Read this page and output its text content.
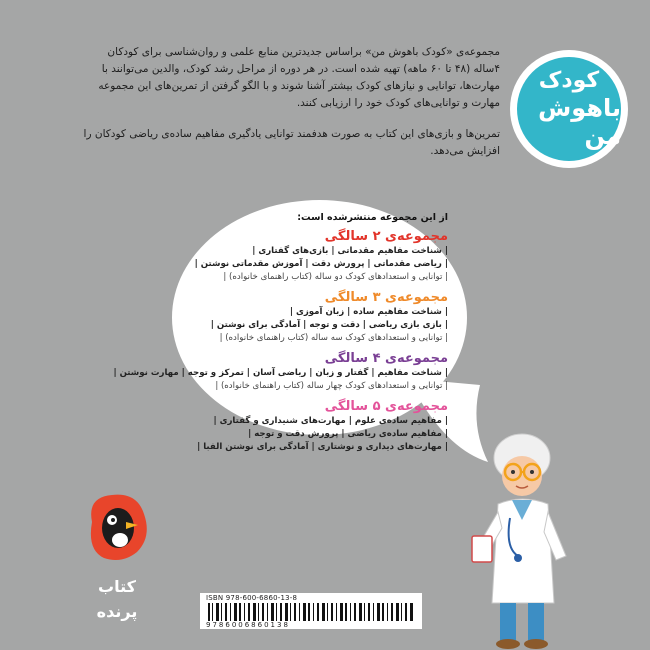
مجموعه‌ی «کودک باهوش من» براساس جدیدترین منابع علمی و روان‌شناسی برای کودکان ۴ساله (۴۸ تا ۶۰ ماهه) تهیه شده است. در هر دوره از مراحل رشد کودک، والدین می‌توانند با مهارت‌ها، توانایی و نیازهای کودک بیشتر آشنا شوند و با الگو گرفتن از تمرین‌های این مجموعه مهارت و توانایی‌های کودک خود را ارزیابی کنند.

تمرین‌ها و بازی‌های این کتاب به صورت هدفمند توانایی یادگیری مفاهیم ساده‌ی ریاضی کودکان را افزایش می‌دهد.

کودک
باهوش من
از این مجموعه منتشرشده است:
مجموعه‌ی ۲ سالگی
| شناخت مفاهیم مقدماتی | بازی‌های گفتاری |
| ریاضی مقدماتی | پرورش دقت | آموزش مقدماتی نوشتن |
| توانایی و استعدادهای کودک دو ساله (کتاب راهنمای خانواده) |
مجموعه‌ی ۳ سالگی
| شناخت مفاهیم ساده | زبان آموزی |
| بازی بازی ریاضی | دقت و توجه | آمادگی برای نوشتن |
| توانایی و استعدادهای کودک سه ساله (کتاب راهنمای خانواده) |
مجموعه‌ی ۴ سالگی
| شناخت مفاهیم | گفتار و زبان | ریاضی آسان | تمرکز و توجه | مهارت نوشتن |
| توانایی و استعدادهای کودک چهار ساله (کتاب راهنمای خانواده) |
مجموعه‌ی ۵ سالگی
| مفاهیم ساده‌ی علوم | مهارت‌های شنیداری و گفتاری |
| مفاهیم ساده‌ی ریاضی | پرورش دقت و توجه |
| مهارت‌های دیداری و نوشتاری | آمادگی برای نوشتن الفبا |
کتاب
پرنده
ISBN 978-600-6860-13-8
9786006860138
